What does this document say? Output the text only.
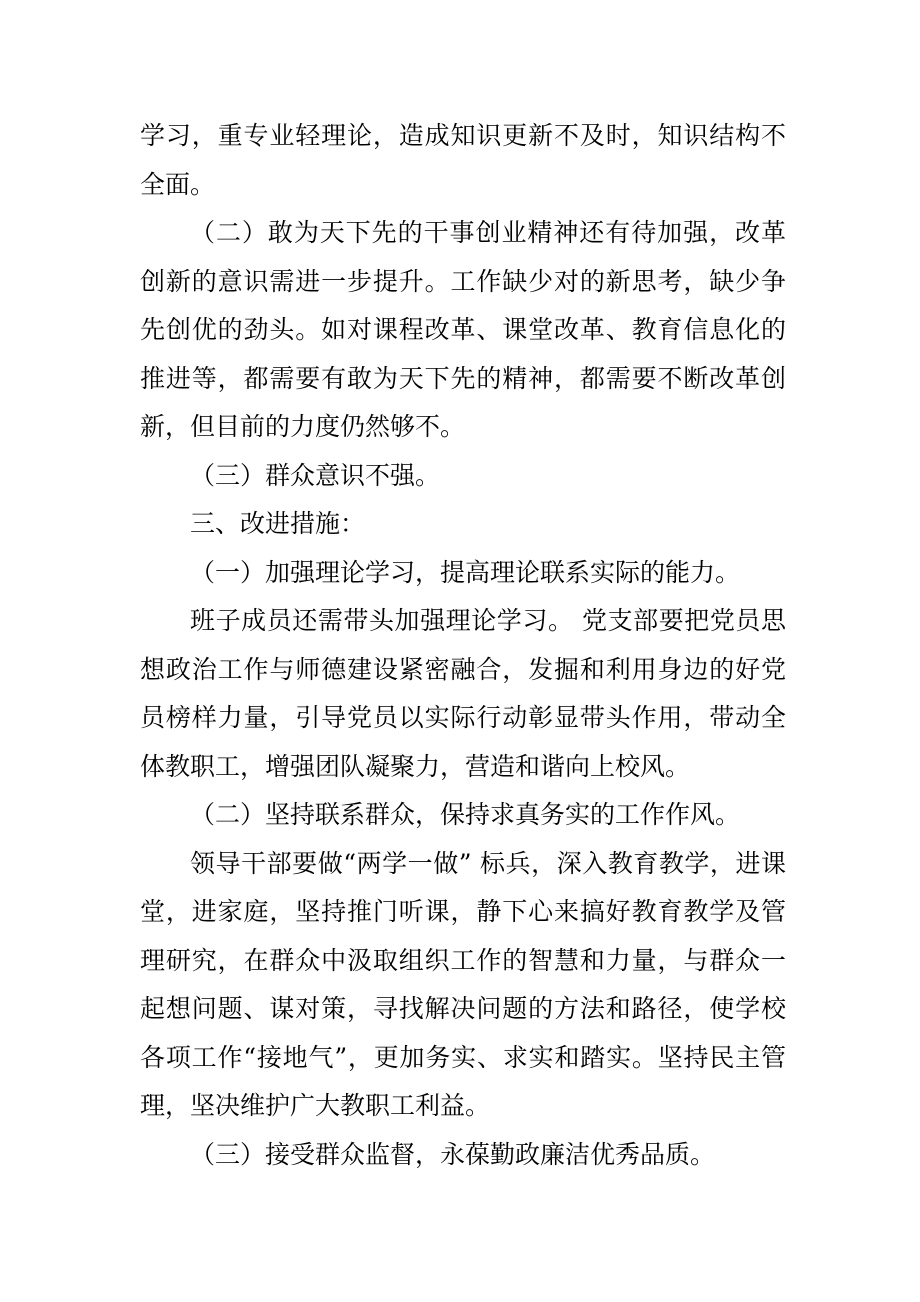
学习，重专业轻理论，造成知识更新不及时，知识结构不全面。

（二）敢为天下先的干事创业精神还有待加强，改革创新的意识需进一步提升。工作缺少对的新思考，缺少争先创优的劲头。如对课程改革、课堂改革、教育信息化的推进等，都需要有敢为天下先的精神，都需要不断改革创新，但目前的力度仍然够不。

（三）群众意识不强。

三、改进措施：

（一）加强理论学习，提高理论联系实际的能力。

班子成员还需带头加强理论学习。 党支部要把党员思想政治工作与师德建设紧密融合，发掘和利用身边的好党员榜样力量，引导党员以实际行动彰显带头作用，带动全体教职工，增强团队凝聚力，营造和谐向上校风。

（二）坚持联系群众，保持求真务实的工作作风。

领导干部要做“两学一做” 标兵，深入教育教学，进课堂，进家庭，坚持推门听课，静下心来搞好教育教学及管理研究，在群众中汲取组织工作的智慧和力量，与群众一起想问题、谋对策，寻找解决问题的方法和路径，使学校各项工作“接地气”，更加务实、求实和踏实。坚持民主管理，坚决维护广大教职工利益。

（三）接受群众监督，永葆勤政廉洁优秀品质。
